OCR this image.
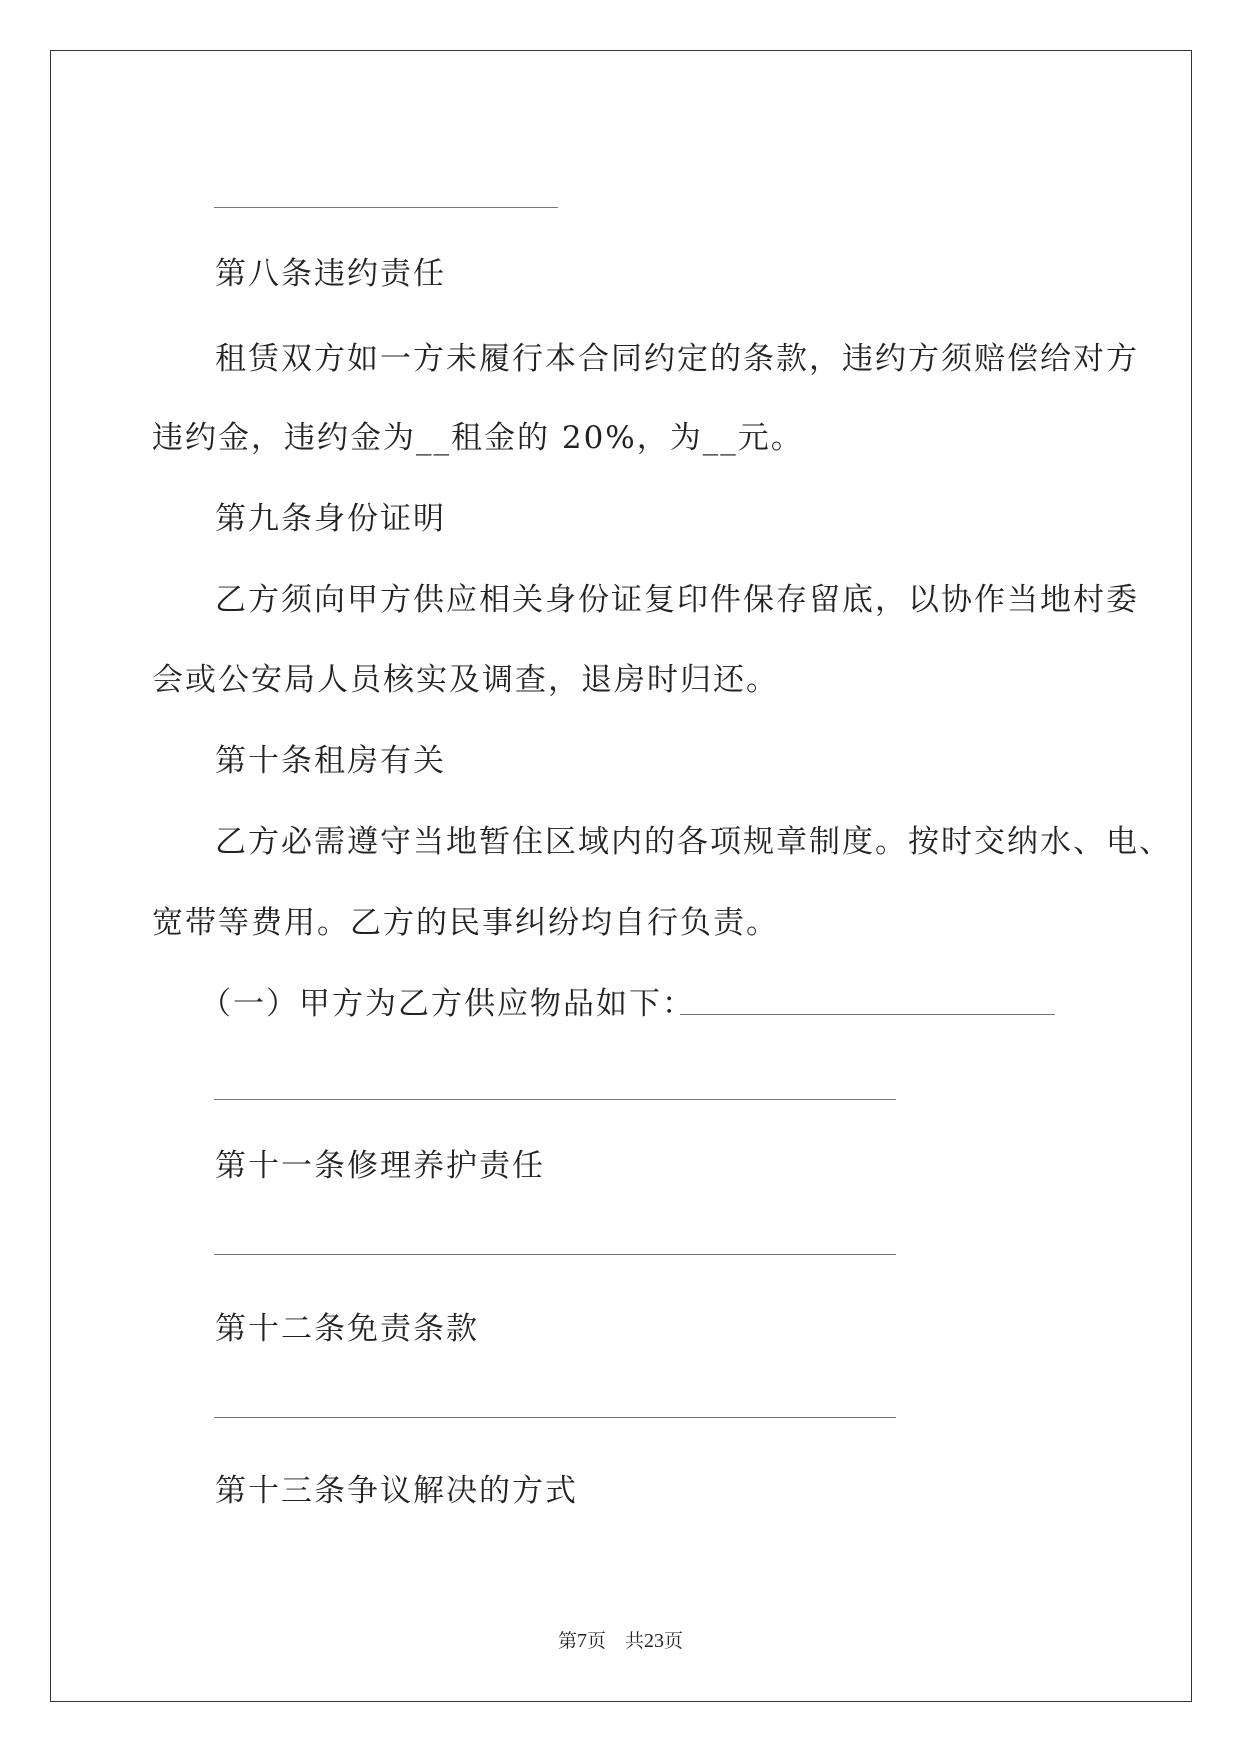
第八条违约责任
租赁双方如一方未履行本合同约定的条款，违约方须赔偿给对方
违约金，违约金为__租金的 20%，为__元。
第九条身份证明
乙方须向甲方供应相关身份证复印件保存留底，以协作当地村委
会或公安局人员核实及调查，退房时归还。
第十条租房有关
乙方必需遵守当地暂住区域内的各项规章制度。按时交纳水、电、
宽带等费用。乙方的民事纠纷均自行负责。
（一）甲方为乙方供应物品如下：
第十一条修理养护责任
第十二条免责条款
第十三条争议解决的方式
第7页　共23页
